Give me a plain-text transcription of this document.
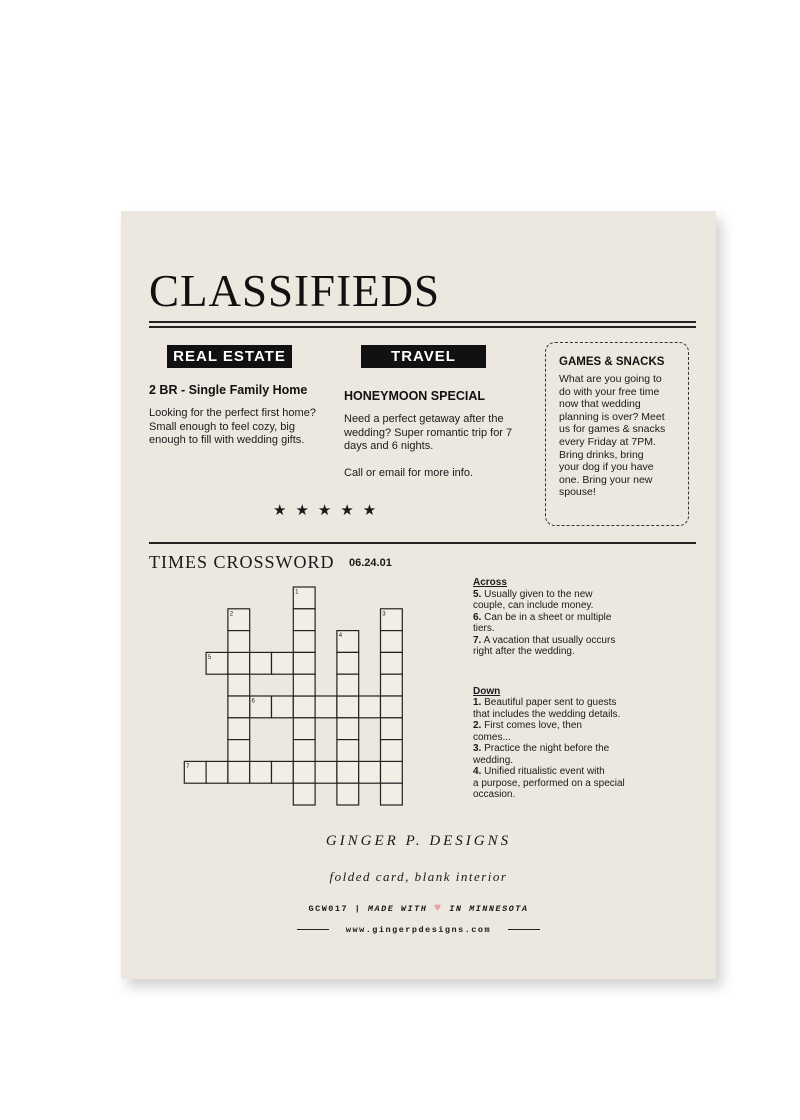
CLASSIFIEDS
REAL ESTATE
2 BR - Single Family Home
Looking for the perfect first home?
Small enough to feel cozy, big
enough to fill with wedding gifts.
TRAVEL
HONEYMOON SPECIAL
Need a perfect getaway after the
wedding? Super romantic trip for 7
days and 6 nights.
Call or email for more info.
GAMES & SNACKS
What are you going to
do with your free time
now that wedding
planning is over? Meet
us for games & snacks
every Friday at 7PM.
Bring drinks, bring
your dog if you have
one. Bring your new
spouse!
★★★★★
TIMES CROSSWORD 06.24.01
1
2	3
4
5
6
7
Across
5. Usually given to the new
couple, can include money.
6. Can be in a sheet or multiple
tiers.
7. A vacation that usually occurs
right after the wedding.
Down
1. Beautiful paper sent to guests
that includes the wedding details.
2. First comes love, then
comes...
3. Practice the night before the
wedding.
4. Unified ritualistic event with
a purpose, performed on a special
occasion.
GINGER P. DESIGNS
folded card, blank interior
GCW017 | MADE WITH ♥ IN MINNESOTA
www.gingerpdesigns.com
